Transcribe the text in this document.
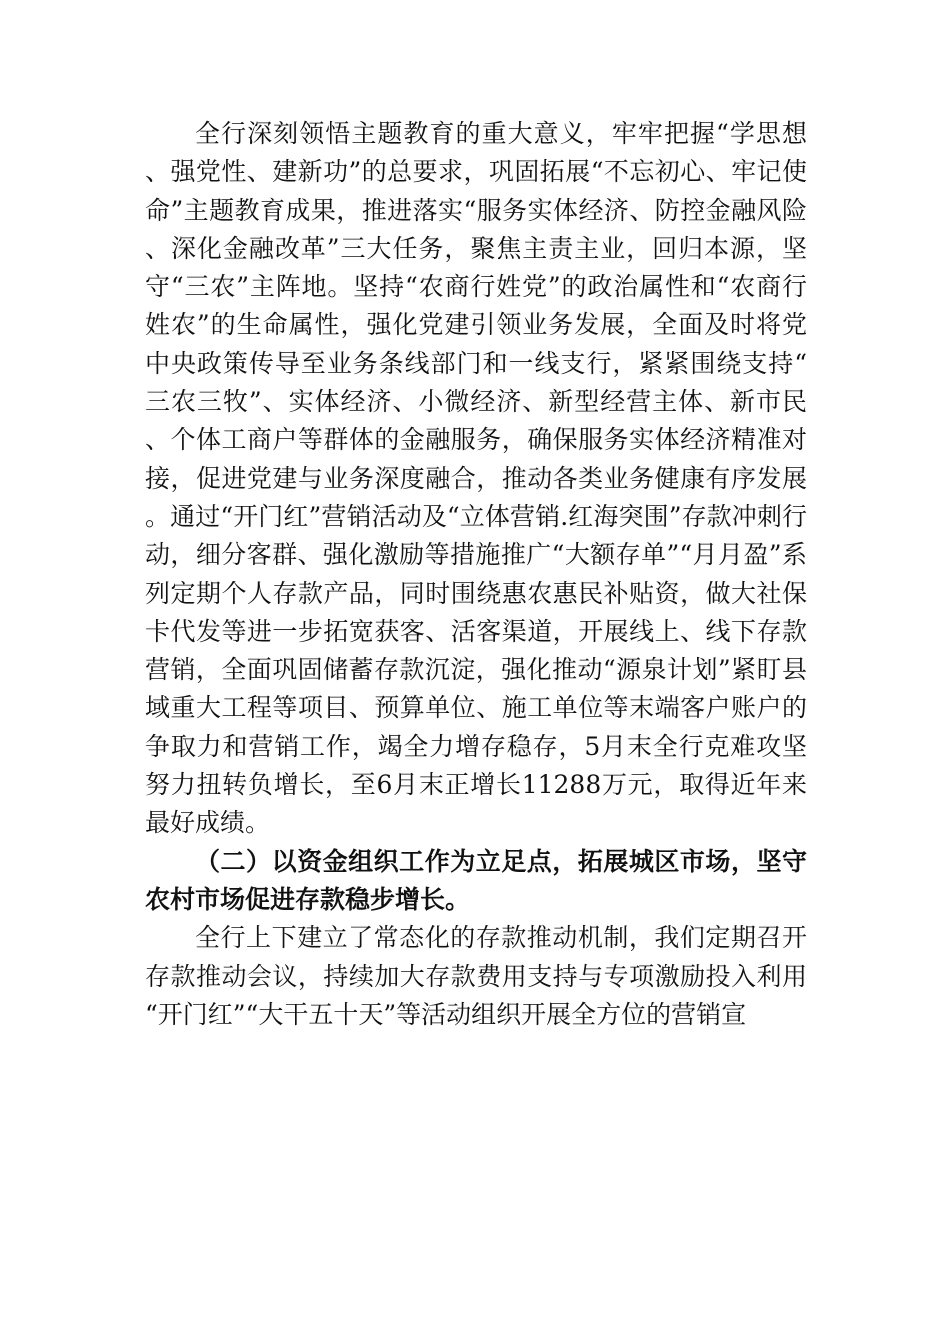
全行深刻领悟主题教育的重大意义，牢牢把握“学思想、强党性、建新功”的总要求，巩固拓展“不忘初心、牢记使命”主题教育成果，推进落实“服务实体经济、防控金融风险、深化金融改革”三大任务，聚焦主责主业，回归本源，坚守“三农”主阵地。坚持“农商行姓党”的政治属性和“农商行姓农”的生命属性，强化党建引领业务发展，全面及时将党中央政策传导至业务条线部门和一线支行，紧紧围绕支持“三农三牧”、实体经济、小微经济、新型经营主体、新市民、个体工商户等群体的金融服务，确保服务实体经济精准对接，促进党建与业务深度融合，推动各类业务健康有序发展。通过“开门红”营销活动及“立体营销.红海突围”存款冲刺行动，细分客群、强化激励等措施推广“大额存单”“月月盈”系列定期个人存款产品，同时围绕惠农惠民补贴资，做大社保卡代发等进一步拓宽获客、活客渠道，开展线上、线下存款营销，全面巩固储蓄存款沉淀，强化推动“源泉计划”紧盯县域重大工程等项目、预算单位、施工单位等末端客户账户的争取力和营销工作，竭全力增存稳存，5月末全行克难攻坚努力扭转负增长，至6月末正增长11288万元，取得近年来最好成绩。

（二）以资金组织工作为立足点，拓展城区市场，坚守农村市场促进存款稳步增长。

全行上下建立了常态化的存款推动机制，我们定期召开存款推动会议，持续加大存款费用支持与专项激励投入利用“开门红”“大干五十天”等活动组织开展全方位的营销宣
